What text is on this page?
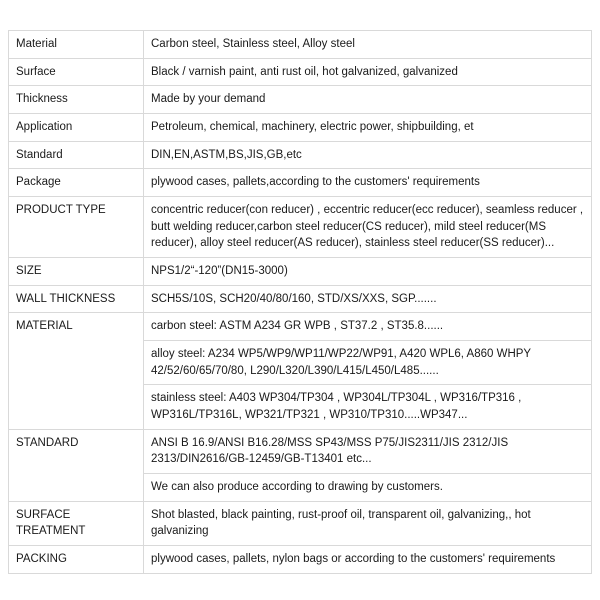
Material	Carbon steel, Stainless steel, Alloy steel
Surface	Black / varnish paint, anti rust oil, hot galvanized, galvanized
Thickness	Made by your demand
Application	Petroleum, chemical, machinery, electric power, shipbuilding, et
Standard	DIN,EN,ASTM,BS,JIS,GB,etc
Package	plywood cases, pallets,according to the customers' requirements
PRODUCT TYPE	concentric reducer(con reducer) , eccentric reducer(ecc reducer), seamless reducer , butt welding reducer,carbon steel reducer(CS reducer), mild steel reducer(MS reducer), alloy steel reducer(AS reducer), stainless steel reducer(SS reducer)...
SIZE	NPS1/2“-120”(DN15-3000)
WALL THICKNESS	SCH5S/10S, SCH20/40/80/160, STD/XS/XXS, SGP.......
MATERIAL	carbon steel: ASTM A234 GR WPB , ST37.2 , ST35.8......
	alloy steel: A234 WP5/WP9/WP11/WP22/WP91, A420 WPL6, A860 WHPY 42/52/60/65/70/80, L290/L320/L390/L415/L450/L485......
	stainless steel: A403 WP304/TP304 , WP304L/TP304L , WP316/TP316 , WP316L/TP316L, WP321/TP321 , WP310/TP310.....WP347...
STANDARD	ANSI B 16.9/ANSI B16.28/MSS SP43/MSS P75/JIS2311/JIS 2312/JIS 2313/DIN2616/GB-12459/GB-T13401 etc...
	We can also produce according to drawing by customers.
SURFACE TREATMENT	Shot blasted, black painting, rust-proof oil, transparent oil, galvanizing,, hot galvanizing
PACKING	plywood cases, pallets, nylon bags or according to the customers' requirements
